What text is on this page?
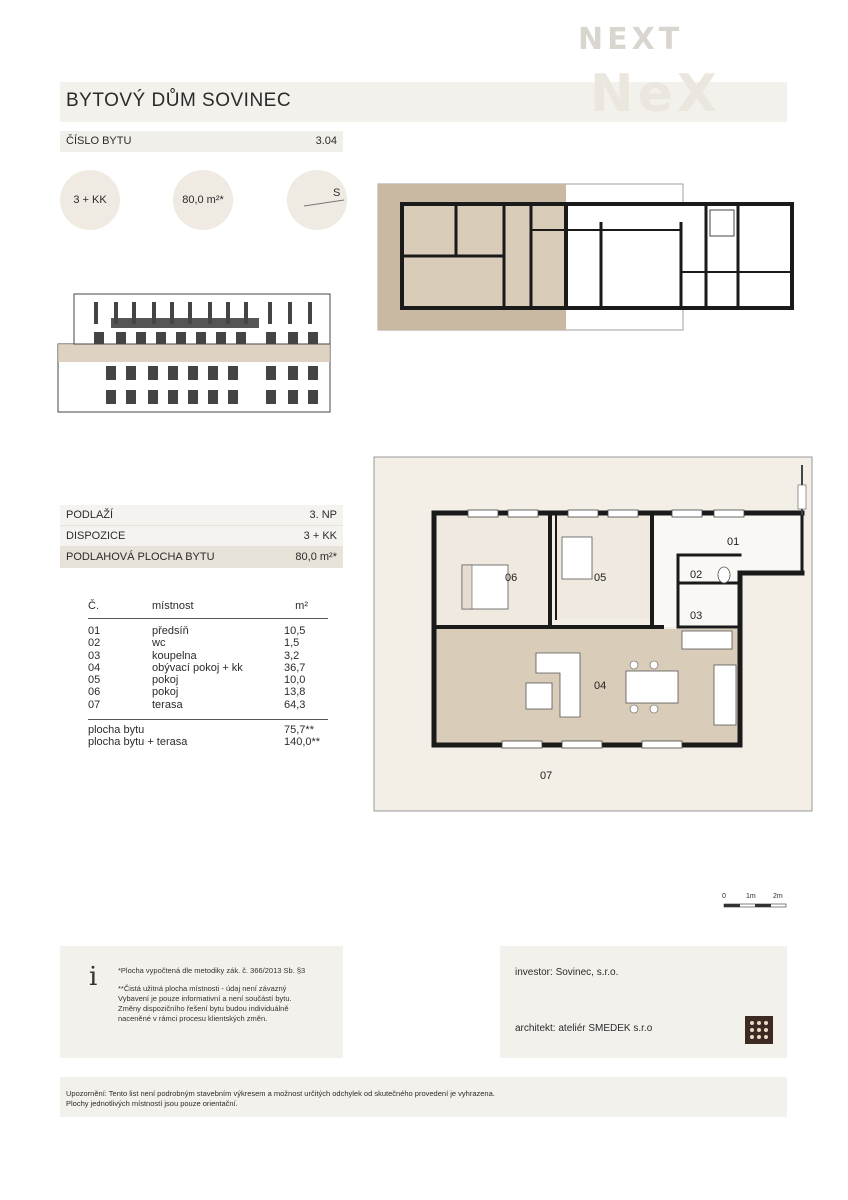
NEXT
NeX
BYTOVÝ DŮM SOVINEC
ČÍSLO BYTU	3.04
3 + KK	80,0 m²*
S
PODLAŽÍ	3. NP
DISPOZICE	3 + KK
PODLAHOVÁ PLOCHA BYTU	80,0 m²*
Č.	místnost	m²
01	předsíň	10,5
02	wc	1,5
03	koupelna	3,2
04	obývací pokoj + kk	36,7
05	pokoj	10,0
06	pokoj	13,8
07	terasa	64,3
plocha bytu	75,7**
plocha bytu + terasa	140,0**
01
02
03
04
05
06
07
0	1m 2m
i	*Plocha vypočtená dle metodiky zák. č. 366/2013 Sb. §3
**Čistá užitná plocha místnosti - údaj není závazný
Vybavení je pouze informativní a není součástí bytu.
Změny dispozičního řešení bytu budou individuálně
naceněné v rámci procesu klientských změn.
investor: Sovinec, s.r.o.
architekt: ateliér SMEDEK s.r.o
Upozornění: Tento list není podrobným stavebním výkresem a možnost určitých odchylek od skutečného provedení je vyhrazena.
Plochy jednotlivých místností jsou pouze orientační.
